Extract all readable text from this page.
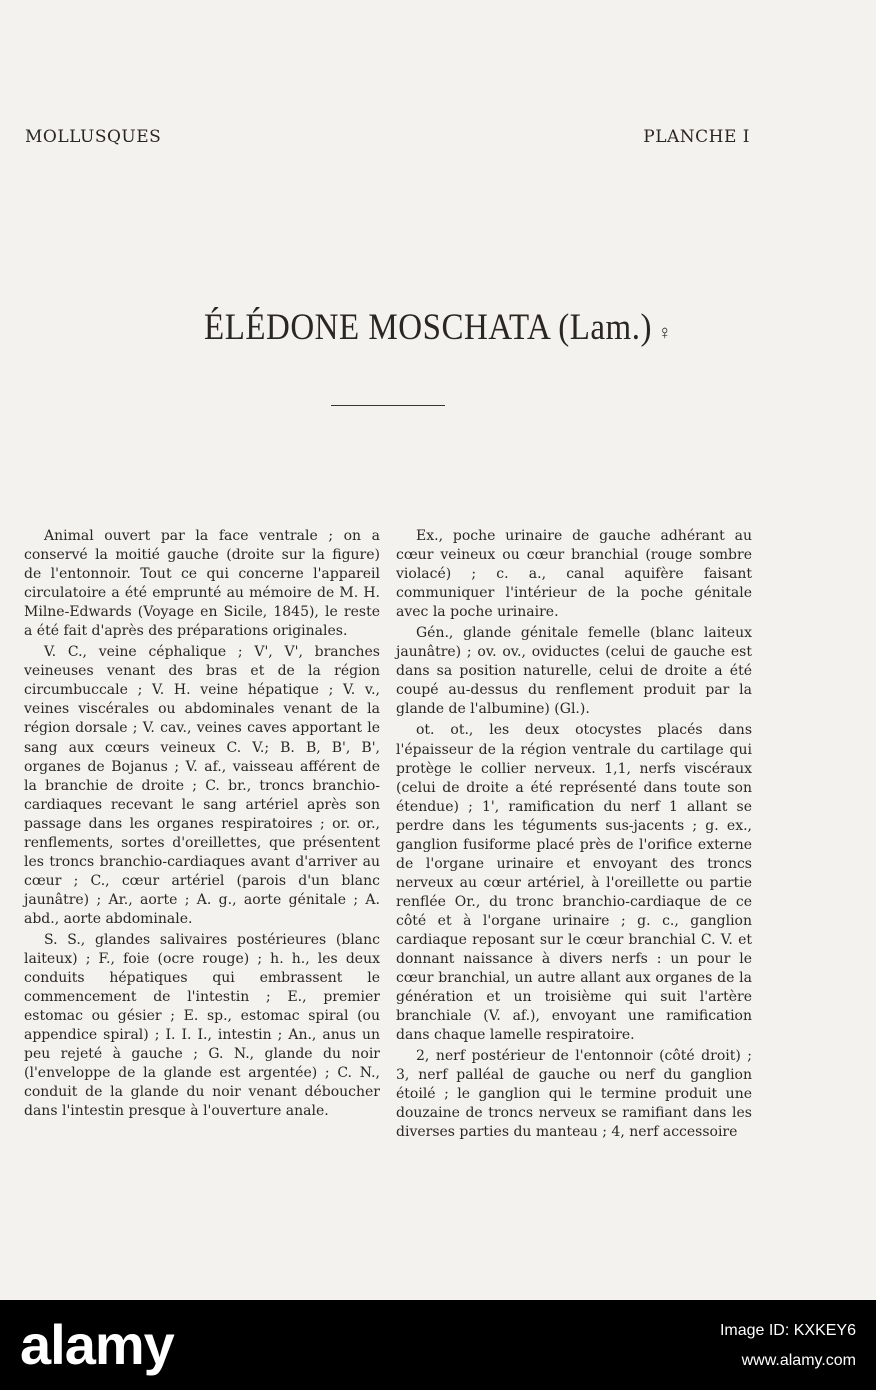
MOLLUSQUES	PLANCHE I
ÉLÉDONE MOSCHATA (Lam.) ♀

Animal ouvert par la face ventrale ; on a conservé la moitié gauche (droite sur la figure) de l'entonnoir. Tout ce qui concerne l'appareil circulatoire a été emprunté au mémoire de M. H. Milne-Edwards (Voyage en Sicile, 1845), le reste a été fait d'après des préparations originales.

V. C., veine céphalique ; V', V', branches veineuses venant des bras et de la région circumbuccale ; V. H. veine hépatique ; V. v., veines viscérales ou abdominales venant de la région dorsale ; V. cav., veines caves apportant le sang aux cœurs veineux C. V.; B. B, B', B', organes de Bojanus ; V. af., vaisseau afférent de la branchie de droite ; C. br., troncs branchio-cardiaques recevant le sang artériel après son passage dans les organes respiratoires ; or. or., renflements, sortes d'oreillettes, que présentent les troncs branchio-cardiaques avant d'arriver au cœur ; C., cœur artériel (parois d'un blanc jaunâtre) ; Ar., aorte ; A. g., aorte génitale ; A. abd., aorte abdominale.

S. S., glandes salivaires postérieures (blanc laiteux) ; F., foie (ocre rouge) ; h. h., les deux conduits hépatiques qui embrassent le commencement de l'intestin ; E., premier estomac ou gésier ; E. sp., estomac spiral (ou appendice spiral) ; I. I. I., intestin ; An., anus un peu rejeté à gauche ; G. N., glande du noir (l'enveloppe de la glande est argentée) ; C. N., conduit de la glande du noir venant déboucher dans l'intestin presque à l'ouverture anale.

Ex., poche urinaire de gauche adhérant au cœur veineux ou cœur branchial (rouge sombre violacé) ; c. a., canal aquifère faisant communiquer l'intérieur de la poche génitale avec la poche urinaire.

Gén., glande génitale femelle (blanc laiteux jaunâtre) ; ov. ov., oviductes (celui de gauche est dans sa position naturelle, celui de droite a été coupé au-dessus du renflement produit par la glande de l'albumine) (Gl.).

ot. ot., les deux otocystes placés dans l'épaisseur de la région ventrale du cartilage qui protège le collier nerveux. 1,1, nerfs viscéraux (celui de droite a été représenté dans toute son étendue) ; 1', ramification du nerf 1 allant se perdre dans les téguments sus-jacents ; g. ex., ganglion fusiforme placé près de l'orifice externe de l'organe urinaire et envoyant des troncs nerveux au cœur artériel, à l'oreillette ou partie renflée Or., du tronc branchio-cardiaque de ce côté et à l'organe urinaire ; g. c., ganglion cardiaque reposant sur le cœur branchial C. V. et donnant naissance à divers nerfs : un pour le cœur branchial, un autre allant aux organes de la génération et un troisième qui suit l'artère branchiale (V. af.), envoyant une ramification dans chaque lamelle respiratoire.

2, nerf postérieur de l'entonnoir (côté droit) ; 3, nerf palléal de gauche ou nerf du ganglion étoilé ; le ganglion qui le termine produit une douzaine de troncs nerveux se ramifiant dans les diverses parties du manteau ; 4, nerf accessoire

alamy	Image ID: KXKEY6
www.alamy.com
